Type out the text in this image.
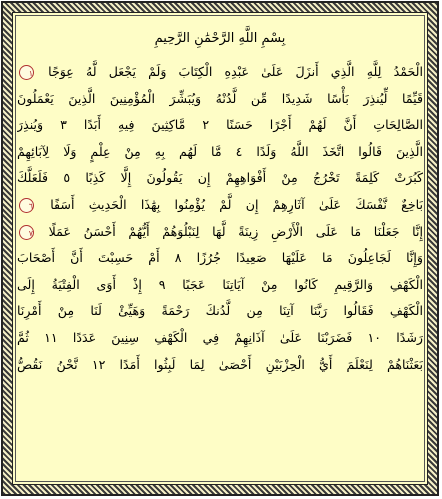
بِسْمِ اللَّهِ الرَّحْمَٰنِ الرَّحِيمِ
الْحَمْدُ لِلَّهِ الَّذِي أَنزَلَ عَلَىٰ عَبْدِهِ الْكِتَابَ وَلَمْ يَجْعَل لَّهُ عِوَجًا ١
قَيِّمًا لِّيُنذِرَ بَأْسًا شَدِيدًا مِّن لَّدُنْهُ وَيُبَشِّرَ الْمُؤْمِنِينَ الَّذِينَ يَعْمَلُونَ
الصَّالِحَاتِ أَنَّ لَهُمْ أَجْرًا حَسَنًا ٢ مَّاكِثِينَ فِيهِ أَبَدًا ٣ وَيُنذِرَ
الَّذِينَ قَالُوا اتَّخَذَ اللَّهُ وَلَدًا ٤ مَّا لَهُم بِهِ مِنْ عِلْمٍ وَلَا لِآبَائِهِمْ
كَبُرَتْ كَلِمَةً تَخْرُجُ مِنْ أَفْوَاهِهِمْ إِن يَقُولُونَ إِلَّا كَذِبًا ٥ فَلَعَلَّكَ
بَاخِعٌ نَّفْسَكَ عَلَىٰ آثَارِهِمْ إِن لَّمْ يُؤْمِنُوا بِهَٰذَا الْحَدِيثِ أَسَفًا ٦
إِنَّا جَعَلْنَا مَا عَلَى الْأَرْضِ زِينَةً لَّهَا لِنَبْلُوَهُمْ أَيُّهُمْ أَحْسَنُ عَمَلًا ٧
وَإِنَّا لَجَاعِلُونَ مَا عَلَيْهَا صَعِيدًا جُرُزًا ٨ أَمْ حَسِبْتَ أَنَّ أَصْحَابَ
الْكَهْفِ وَالرَّقِيمِ كَانُوا مِنْ آيَاتِنَا عَجَبًا ٩ إِذْ أَوَى الْفِتْيَةُ إِلَى
الْكَهْفِ فَقَالُوا رَبَّنَا آتِنَا مِن لَّدُنكَ رَحْمَةً وَهَيِّئْ لَنَا مِنْ أَمْرِنَا
رَشَدًا ١٠ فَضَرَبْنَا عَلَىٰ آذَانِهِمْ فِي الْكَهْفِ سِنِينَ عَدَدًا ١١ ثُمَّ
بَعَثْنَاهُمْ لِنَعْلَمَ أَيُّ الْحِزْبَيْنِ أَحْصَىٰ لِمَا لَبِثُوا أَمَدًا ١٢ نَّحْنُ نَقُصُّ
